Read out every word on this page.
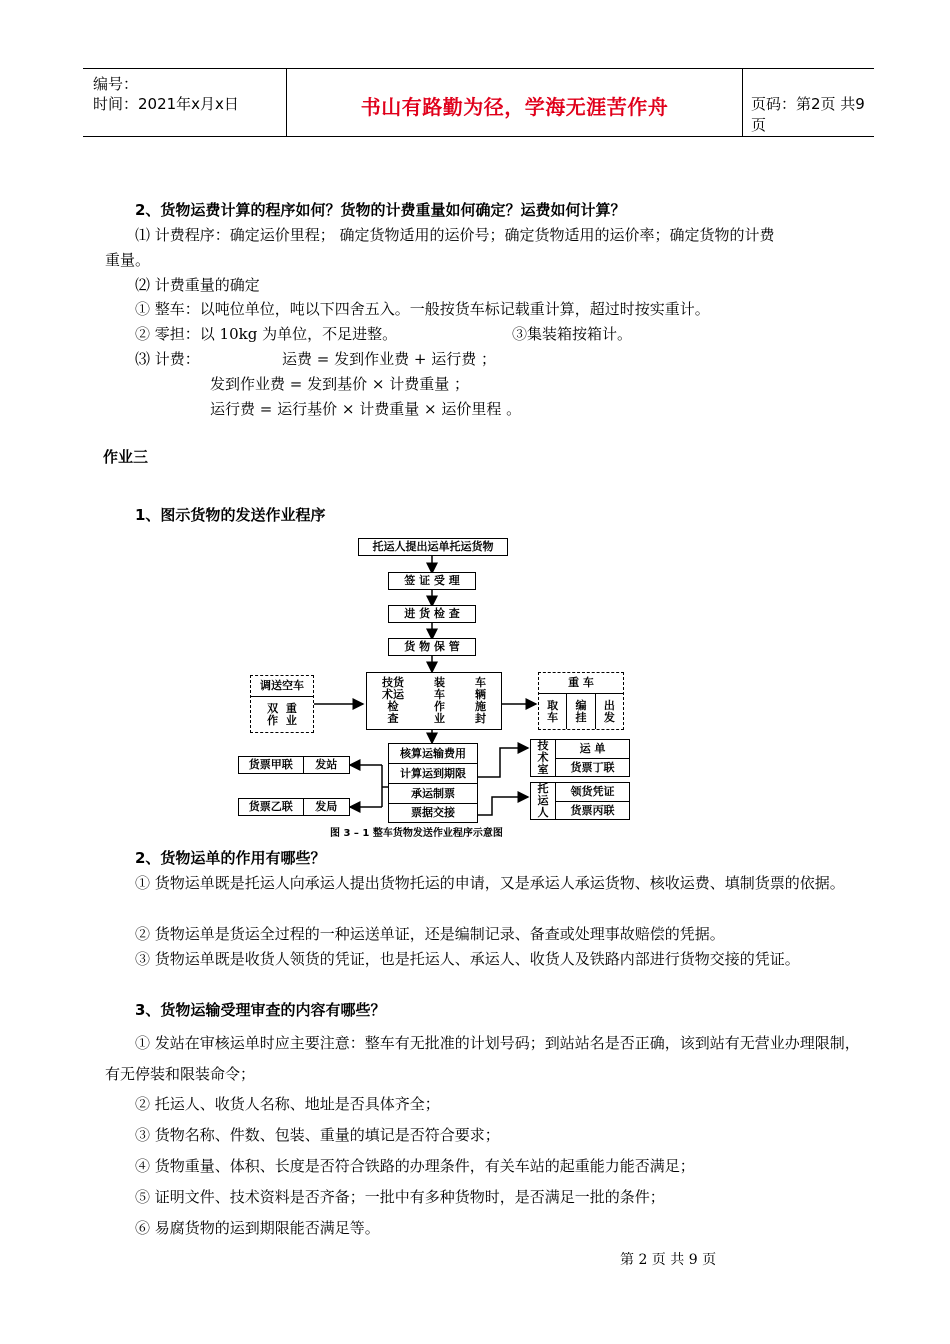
编号：
时间：2021年x月x日	书山有路勤为径，学海无涯苦作舟	页码：第2页 共9页
2、货物运费计算的程序如何？货物的计费重量如何确定？运费如何计算？
⑴ 计费程序：确定运价里程； 确定货物适用的运价号；确定货物适用的运价率；确定货物的计费
重量。
⑵ 计费重量的确定
① 整车：以吨位单位，吨以下四舍五入。一般按货车标记载重计算，超过时按实重计。
② 零担：以 10kg 为单位，不足进整。	③集装箱按箱计。
⑶ 计费：	运费 = 发到作业费 + 运行费 ；
发到作业费 = 发到基价 × 计费重量 ；
运行费 = 运行基价 × 计费重量 × 运价里程 。
作业三
1、图示货物的发送作业程序
托运人提出运单托运货物
签 证 受 理
进 货 检 查
货 物 保 管
调送空车
双  重
作  业
技货
术运
检
查
装
车
作
业
车
辆
施
封
重 车
取
车
编
挂
出
发
核算运输费用
计算运到期限
承运制票
票据交接
货票甲联	发站
货票乙联	发局
技
术
室
运 单
货票丁联
托
运
人
领货凭证
货票丙联
图 3 – 1 整车货物发送作业程序示意图
2、货物运单的作用有哪些？
① 货物运单既是托运人向承运人提出货物托运的申请，又是承运人承运货物、核收运费、填制货票的依据。
② 货物运单是货运全过程的一种运送单证，还是编制记录、备查或处理事故赔偿的凭据。
③ 货物运单既是收货人领货的凭证，也是托运人、承运人、收货人及铁路内部进行货物交接的凭证。
3、货物运输受理审查的内容有哪些？
① 发站在审核运单时应主要注意：整车有无批准的计划号码；到站站名是否正确，该到站有无营业办理限制，有无停装和限装命令；
② 托运人、收货人名称、地址是否具体齐全；
③ 货物名称、件数、包装、重量的填记是否符合要求；
④ 货物重量、体积、长度是否符合铁路的办理条件，有关车站的起重能力能否满足；
⑤ 证明文件、技术资料是否齐备；一批中有多种货物时，是否满足一批的条件；
⑥ 易腐货物的运到期限能否满足等。
第 2 页 共 9 页
